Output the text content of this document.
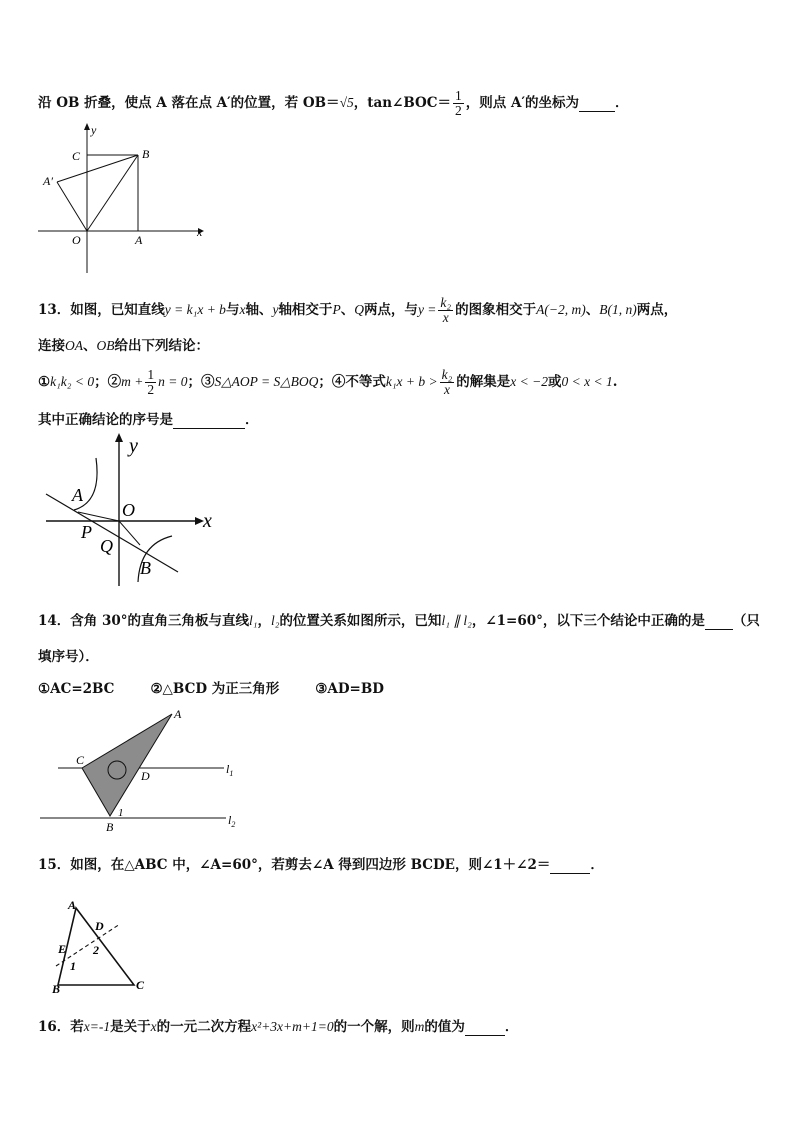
沿 OB 折叠，使点 A 落在点 A′的位置，若 OB＝√5，tan∠BOC＝ $\frac{1}{2}$ ，则点 A′的坐标为	．
y
x
C	B
A′
O	A
13．如图，已知直线y = k₁x + b与x轴、y轴相交于P、Q两点，与$y = \frac{\text{k₂}}{x}$ 的图象相交于A(−2, m)、B(1, n)两点，
连接OA、OB给出下列结论：
①k₁k₂ < 0；②m + $\frac{1}{2}$ n = 0；③S△AOP = S△BOQ；④不等式$k_1x + b > \frac{\text{k₂}}{x}$ 的解集是x < −2或0 < x < 1.
其中正确结论的序号是	．
y
x
A
O
P
Q
B
14．含角 30°的直角三角板与直线l₁，l₂的位置关系如图所示，已知l₁ ∥ l₂，∠1=60°，以下三个结论中正确的是 （只
填序号）．
①AC=2BC	②△BCD 为正三角形	③AD=BD
A
C
D
B
1
$l_1$
$l_2$
15．如图，在△ABC 中，∠A=60°，若剪去∠A 得到四边形 BCDE，则∠1＋∠2＝	．
A
D
E 2
1
B	C
16．若x=-1是关于x的一元二次方程x²+3x+m+1=0的一个解，则m的值为	．
